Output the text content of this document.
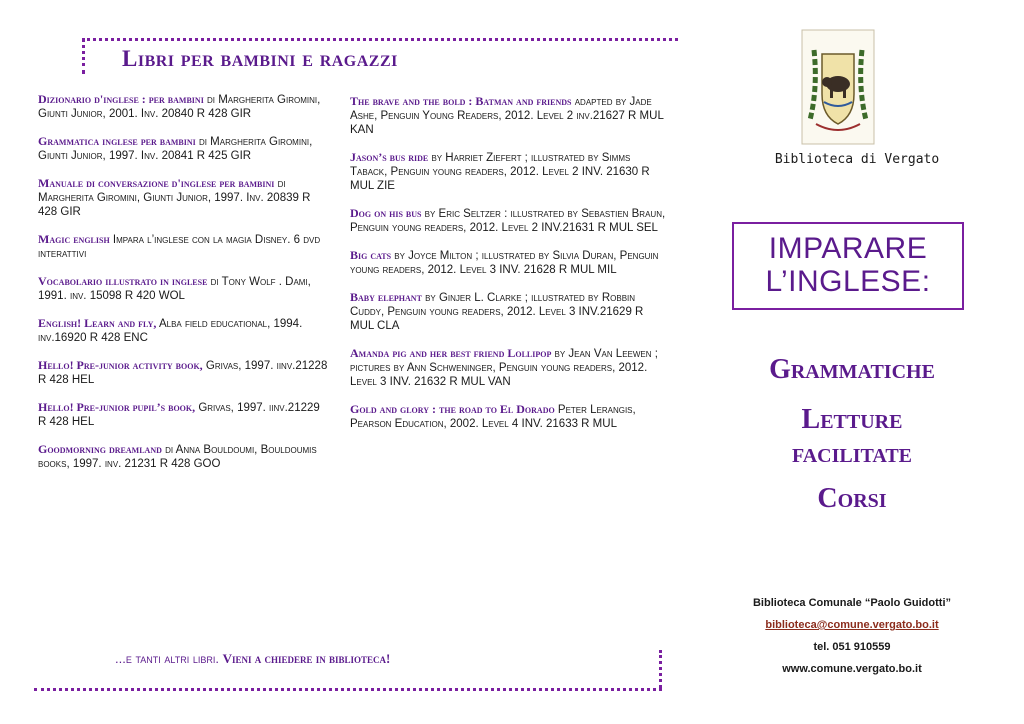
Libri per bambini e ragazzi

Dizionario d'inglese : per bambini di Margherita Giromini, Giunti Junior, 2001. Inv. 20840 R 428 GIR

Grammatica inglese per bambini di Margherita Giromini, Giunti Junior, 1997. Inv. 20841 R 425 GIR

Manuale di conversazione d'inglese per bambini di Margherita Giromini, Giunti Junior, 1997. Inv. 20839 R 428 GIR

Magic english Impara l’inglese con la magia Disney. 6 dvd interattivi

Vocabolario illustrato in inglese di Tony Wolf . Dami, 1991. inv. 15098 R 420 WOL

English! Learn and fly, Alba field educational, 1994. inv.16920 R 428 ENC

Hello! Pre-junior activity book, Grivas, 1997. iinv.21228 R 428 HEL

Hello! Pre-junior pupil’s book, Grivas, 1997. iinv.21229 R 428 HEL

Goodmorning dreamland di Anna Bouldoumi, Bouldoumis books, 1997. inv. 21231 R 428 GOO

The brave and the bold : Batman and friends adapted by Jade Ashe, Penguin Young Readers, 2012. Level 2 inv.21627 R MUL KAN

Jason’s bus ride by Harriet Ziefert ; illustrated by Simms Taback, Penguin young readers, 2012. Level 2 INV. 21630 R MUL ZIE

Dog on his bus by Eric Seltzer : illustrated by Sebastien Braun, Penguin young readers, 2012. Level 2 INV.21631 R MUL SEL

Big cats by Joyce Milton ; illustrated by Silvia Duran, Penguin young readers, 2012. Level 3 INV. 21628 R MUL MIL

Baby elephant by Ginjer L. Clarke ; illustrated by Robbin Cuddy, Penguin young readers, 2012. Level 3 INV.21629 R MUL CLA

Amanda pig and her best friend Lollipop by Jean Van Leewen ; pictures by Ann Schweninger, Penguin young readers, 2012. Level 3 INV. 21632 R MUL VAN

Gold and glory : the road to El Dorado Peter Lerangis, Pearson Education, 2002. Level 4 INV. 21633 R MUL

...e tanti altri libri. Vieni a chiedere in biblioteca!
Biblioteca di Vergato
IMPARARE
L’INGLESE:
Grammatiche
Letture
facilitate
Corsi
Biblioteca Comunale “Paolo Guidotti”
biblioteca@comune.vergato.bo.it
tel. 051 910559
www.comune.vergato.bo.it
